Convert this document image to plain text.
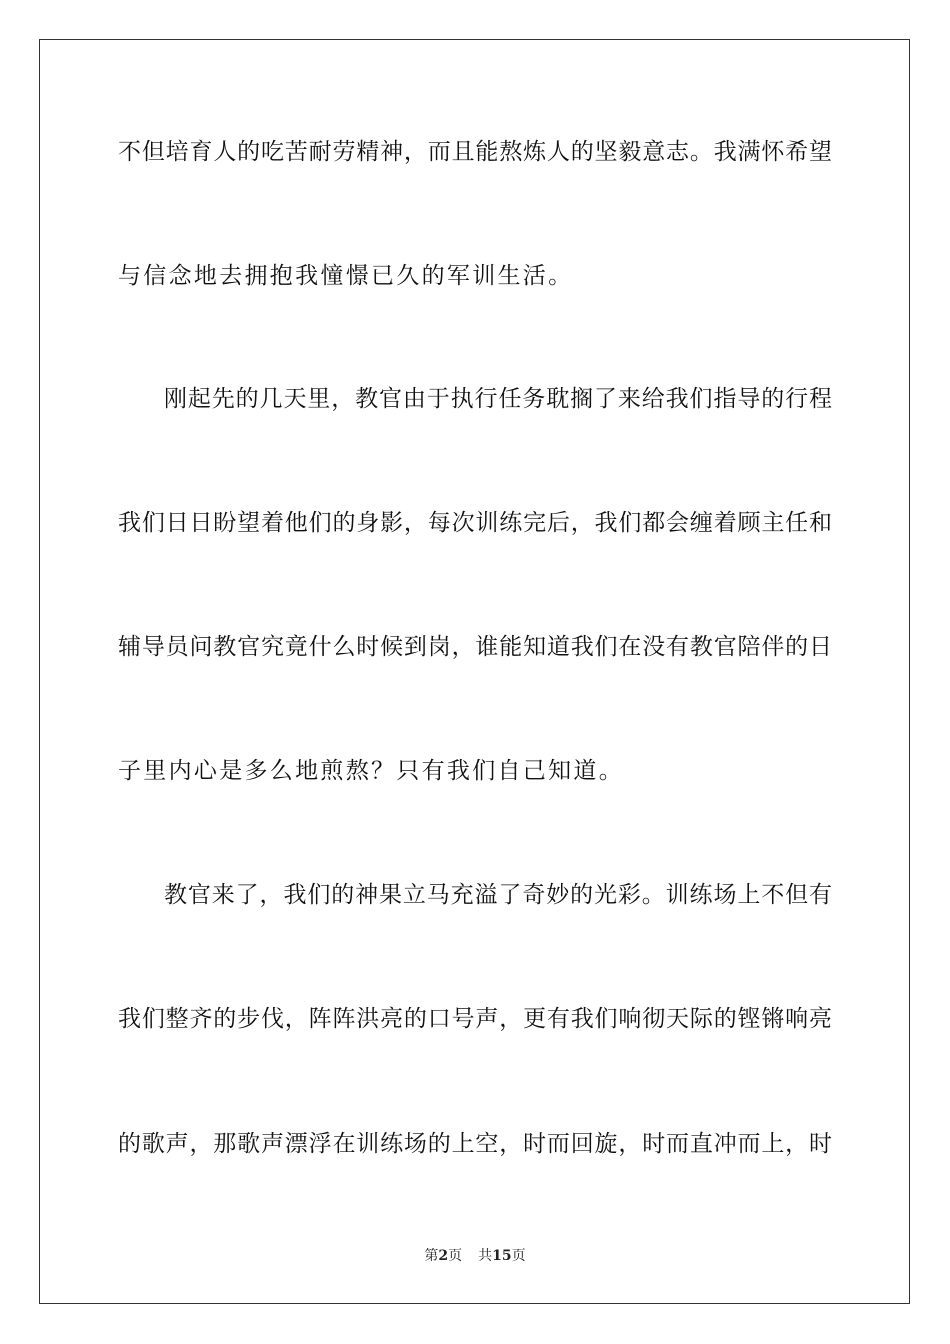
不但培育人的吃苦耐劳精神，而且能熬炼人的坚毅意志。我满怀希望
与信念地去拥抱我憧憬已久的军训生活。
刚起先的几天里，教官由于执行任务耽搁了来给我们指导的行程
我们日日盼望着他们的身影，每次训练完后，我们都会缠着顾主任和
辅导员问教官究竟什么时候到岗，谁能知道我们在没有教官陪伴的日
子里内心是多么地煎熬？只有我们自己知道。
教官来了，我们的神果立马充溢了奇妙的光彩。训练场上不但有
我们整齐的步伐，阵阵洪亮的口号声，更有我们响彻天际的铿锵响亮
的歌声，那歌声漂浮在训练场的上空，时而回旋，时而直冲而上，时
第2页 共15页
